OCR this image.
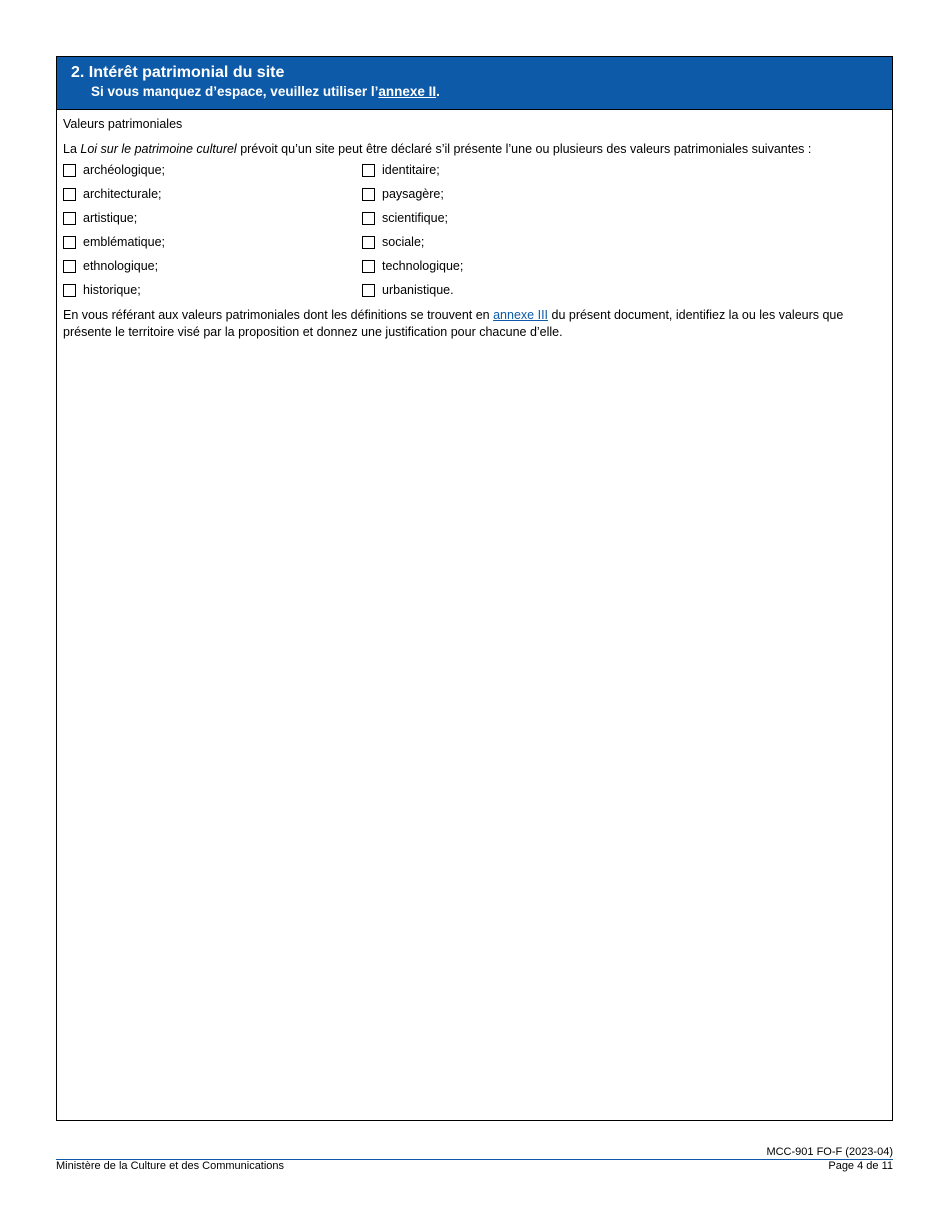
2. Intérêt patrimonial du site
Si vous manquez d’espace, veuillez utiliser l’annexe II.
Valeurs patrimoniales
La Loi sur le patrimoine culturel prévoit qu’un site peut être déclaré s’il présente l’une ou plusieurs des valeurs patrimoniales suivantes :
archéologique;	identitaire;
architecturale;	paysagère;
artistique;	scientifique;
emblématique;	sociale;
ethnologique;	technologique;
historique;	urbanistique.
En vous référant aux valeurs patrimoniales dont les définitions se trouvent en annexe III du présent document, identifiez la ou les valeurs que présente le territoire visé par la proposition et donnez une justification pour chacune d’elle.
MCC-901 FO-F (2023-04)
Ministère de la Culture et des Communications	Page 4 de 11
